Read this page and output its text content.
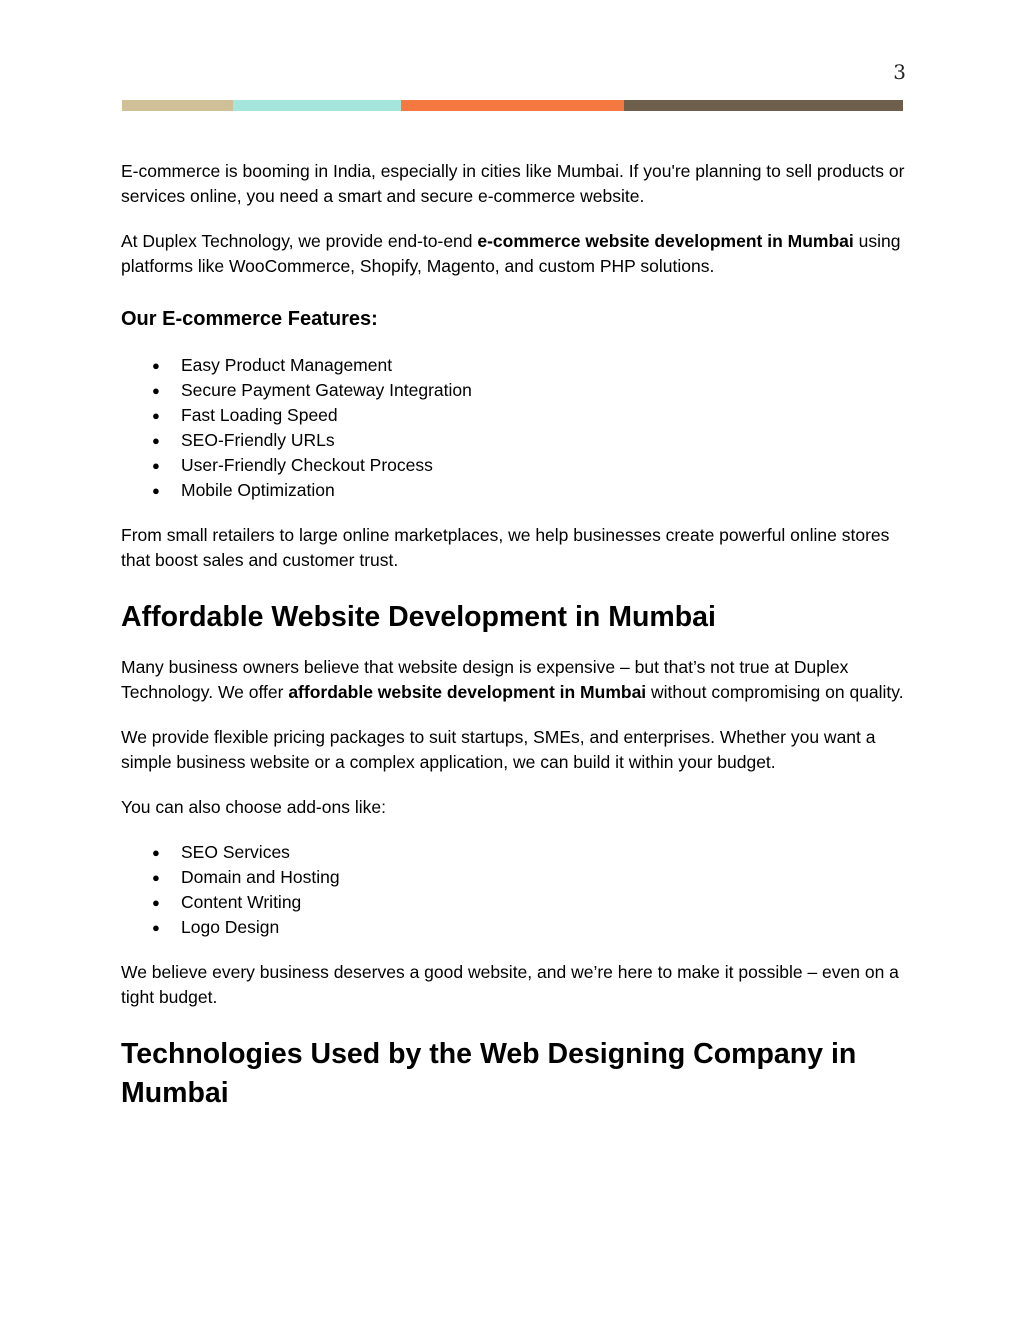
3

E-commerce is booming in India, especially in cities like Mumbai. If you're planning to sell products or services online, you need a smart and secure e-commerce website.

At Duplex Technology, we provide end-to-end e-commerce website development in Mumbai using platforms like WooCommerce, Shopify, Magento, and custom PHP solutions.

Our E-commerce Features:
● Easy Product Management
● Secure Payment Gateway Integration
● Fast Loading Speed
● SEO-Friendly URLs
● User-Friendly Checkout Process
● Mobile Optimization

From small retailers to large online marketplaces, we help businesses create powerful online stores that boost sales and customer trust.

Affordable Website Development in Mumbai

Many business owners believe that website design is expensive – but that’s not true at Duplex Technology. We offer affordable website development in Mumbai without compromising on quality.

We provide flexible pricing packages to suit startups, SMEs, and enterprises. Whether you want a simple business website or a complex application, we can build it within your budget.

You can also choose add-ons like:

● SEO Services
● Domain and Hosting
● Content Writing
● Logo Design

We believe every business deserves a good website, and we’re here to make it possible – even on a tight budget.

Technologies Used by the Web Designing Company in Mumbai
